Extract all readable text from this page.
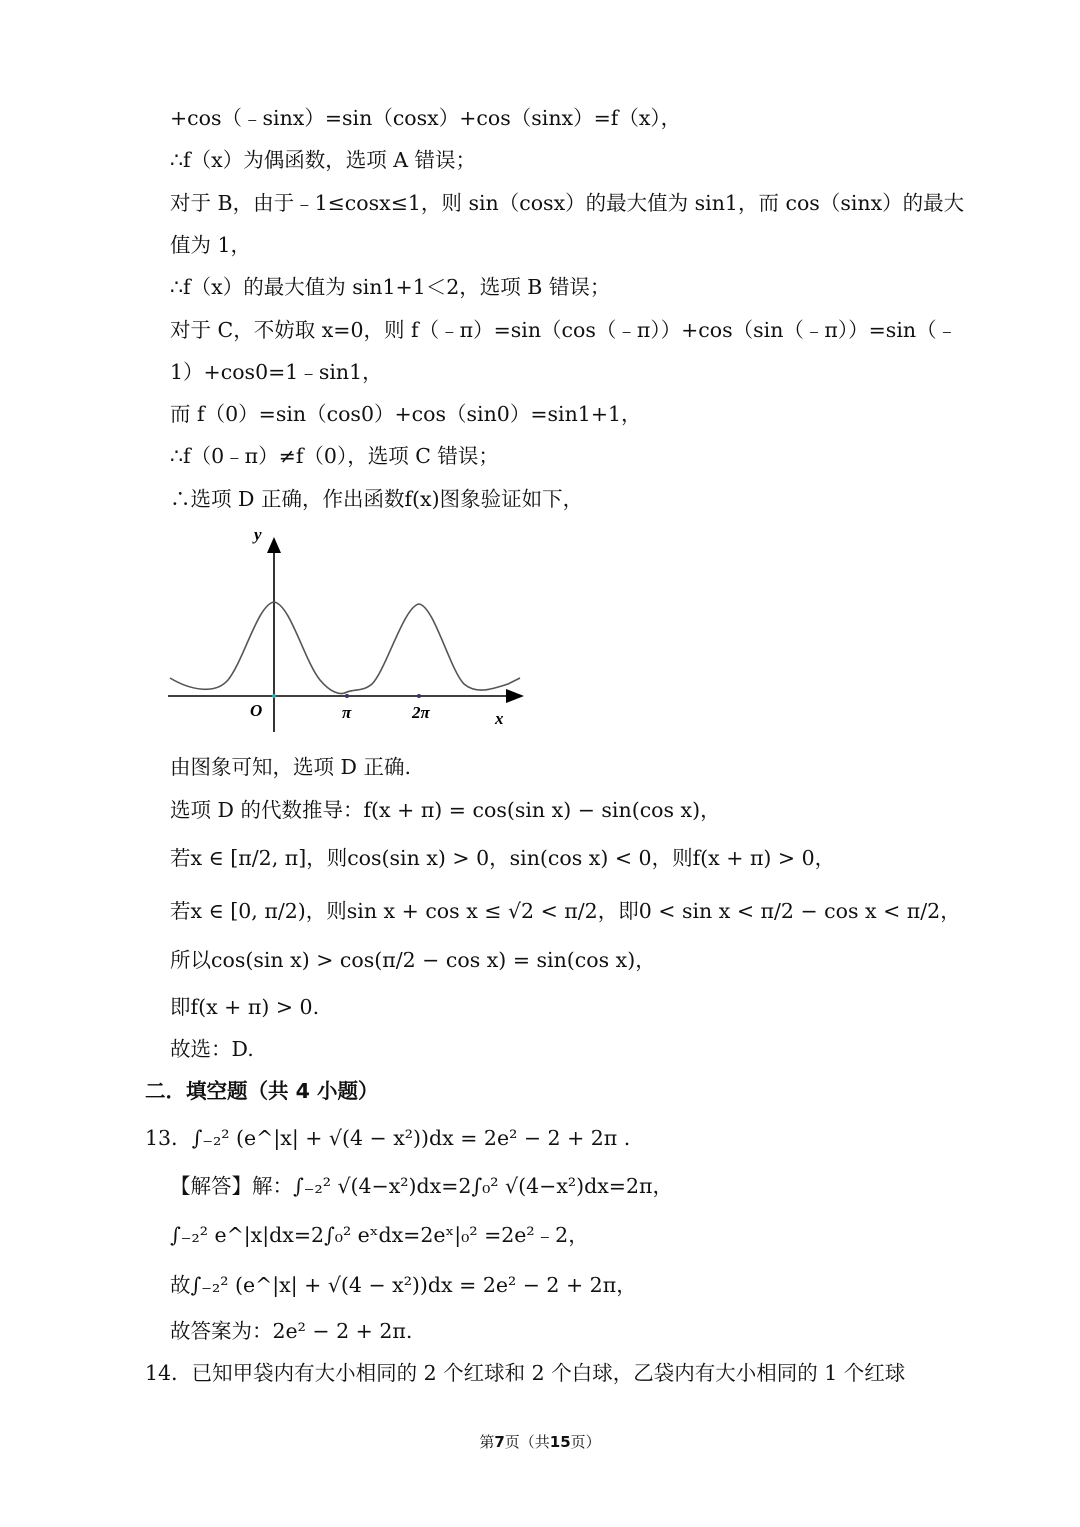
+cos（﹣sinx）=sin（cosx）+cos（sinx）=f（x），
∴f（x）为偶函数，选项 A 错误；
对于 B，由于﹣1≤cosx≤1，则 sin（cosx）的最大值为 sin1，而 cos（sinx）的最大
值为 1，
∴f（x）的最大值为 sin1+1＜2，选项 B 错误；
对于 C，不妨取 x=0，则 f（﹣π）=sin（cos（﹣π））+cos（sin（﹣π））=sin（﹣
1）+cos0=1﹣sin1，
而 f（0）=sin（cos0）+cos（sin0）=sin1+1，
∴f（0﹣π）≠f（0），选项 C 错误；
∴选项 D 正确，作出函数f(x)图象验证如下，
y
x
O	π	2π
由图象可知，选项 D 正确.
选项 D 的代数推导：f(x + π) = cos(sin x) − sin(cos x)，
若x ∈ [π/2, π]，则cos(sin x) > 0，sin(cos x) < 0，则f(x + π) > 0，
若x ∈ [0, π/2)，则sin x + cos x ≤ √2 < π/2，即0 < sin x < π/2 − cos x < π/2，
所以cos(sin x) > cos(π/2 − cos x) = sin(cos x)，
即f(x + π) > 0.
故选：D.
二．填空题（共 4 小题）
13．∫₋₂² (e^|x| + √(4 − x²))dx = 2e² − 2 + 2π .
【解答】解：∫₋₂² √(4−x²)dx=2∫₀² √(4−x²)dx=2π，
∫₋₂² e^|x|dx=2∫₀² eˣdx=2eˣ|₀² =2e²﹣2，
故∫₋₂² (e^|x| + √(4 − x²))dx = 2e² − 2 + 2π，
故答案为：2e² − 2 + 2π.
14．已知甲袋内有大小相同的 2 个红球和 2 个白球，乙袋内有大小相同的 1 个红球
第7页（共15页）
